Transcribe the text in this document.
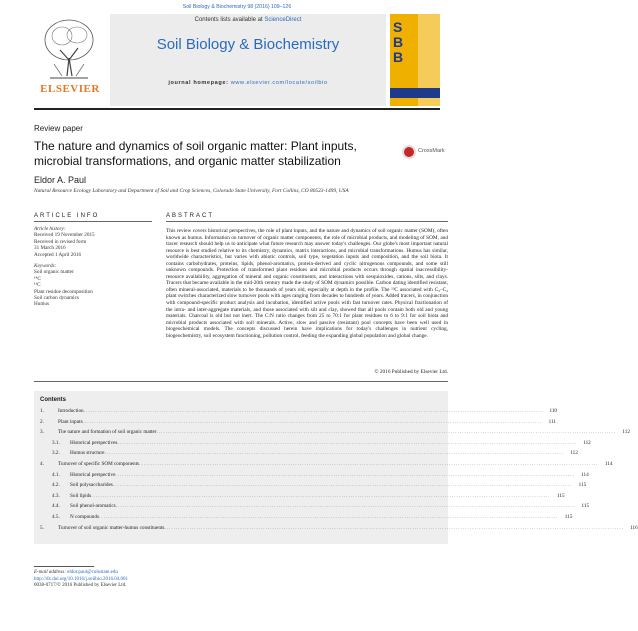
Soil Biology & Biochemistry 98 (2016) 109–126
ELSEVIER
Contents lists available at ScienceDirect
Soil Biology & Biochemistry
journal homepage: www.elsevier.com/locate/soilbio
S
B
B
Review paper
The nature and dynamics of soil organic matter: Plant inputs, microbial transformations, and organic matter stabilization
CrossMark
Eldor A. Paul
Natural Resource Ecology Laboratory and Department of Soil and Crop Sciences, Colorado State University, Fort Collins, CO 80523-1499, USA
ARTICLE INFO	ABSTRACT
Article history:
Received 19 November 2015
Received in revised form
31 March 2016
Accepted 1 April 2016
Keywords:
Soil organic matter
¹⁴C
¹³C
Plant residue decomposition
Soil carbon dynamics
Humus
This review covers historical perspectives, the role of plant inputs, and the nature and dynamics of soil organic matter (SOM), often known as humus. Information on turnover of organic matter components, the role of microbial products, and modeling of SOM, and tracer research should help us to anticipate what future research may answer today's challenges. Our globe's most important natural resource is best studied relative to its chemistry, dynamics, matrix interactions, and microbial transformations. Humus has similar, worldwide characteristics, but varies with abiotic controls, soil type, vegetation inputs and composition, and the soil biota. It contains carbohydrates, proteins, lipids, phenol-aromatics, protein-derived and cyclic nitrogenous compounds, and some still unknown compounds. Protection of transformed plant residues and microbial products occurs through spatial inaccessibility-resource availability, aggregation of mineral and organic constituents, and interactions with sesquioxides, cations, silts, and clays. Tracers that became available in the mid-20th century made the study of SOM dynamics possible. Carbon dating identified resistant, often mineral-associated, materials to be thousands of years old, especially at depth in the profile. The ¹³C associated with C₃–C₄ plant switches characterized slow turnover pools with ages ranging from decades to hundreds of years. Added tracers, in conjunction with compound-specific product analysis and incubation, identified active pools with fast turnover rates. Physical fractionation of the intra- and inter-aggregate materials, and those associated with silt and clay, showed that all pools contain both old and young materials. Charcoal is old but not inert. The C:N ratio changes from 25 to 70:1 for plant residues to 6 to 9:1 for soil biota and microbial products associated with soil minerals. Active, slow and passive (resistant) pool concepts have been well used in biogeochemical models. The concepts discussed herein have implications for today's challenges in nutrient cycling, biogeochemistry, soil ecosystem functioning, pollution control, feeding the expanding global population and global change.
© 2016 Published by Elsevier Ltd.
Contents
1.	Introduction ........................................................................................................................................................................................................	110
2.	Plant inputs ........................................................................................................................................................................................................	111
3.	The nature and formation of soil organic matter ........................................................................................................................................................................................................	112
3.1.	Historical perspectives ........................................................................................................................................................................................................	112
3.2.	Humus structure ........................................................................................................................................................................................................	112
4.	Turnover of specific SOM components ........................................................................................................................................................................................................	114
4.1.	Historical perspective ........................................................................................................................................................................................................	114
4.2.	Soil polysaccharides ........................................................................................................................................................................................................	115
4.3.	Soil lipids ........................................................................................................................................................................................................	115
4.4.	Soil phenol-aromatics ........................................................................................................................................................................................................	115
4.5.	N compounds ........................................................................................................................................................................................................	115
5.	Turnover of soil organic matter-humus constituents ........................................................................................................................................................................................................	116
E-mail address: eldor.paul@colostate.edu
http://dx.doi.org/10.1016/j.soilbio.2016.04.001
0038-0717/© 2016 Published by Elsevier Ltd.
